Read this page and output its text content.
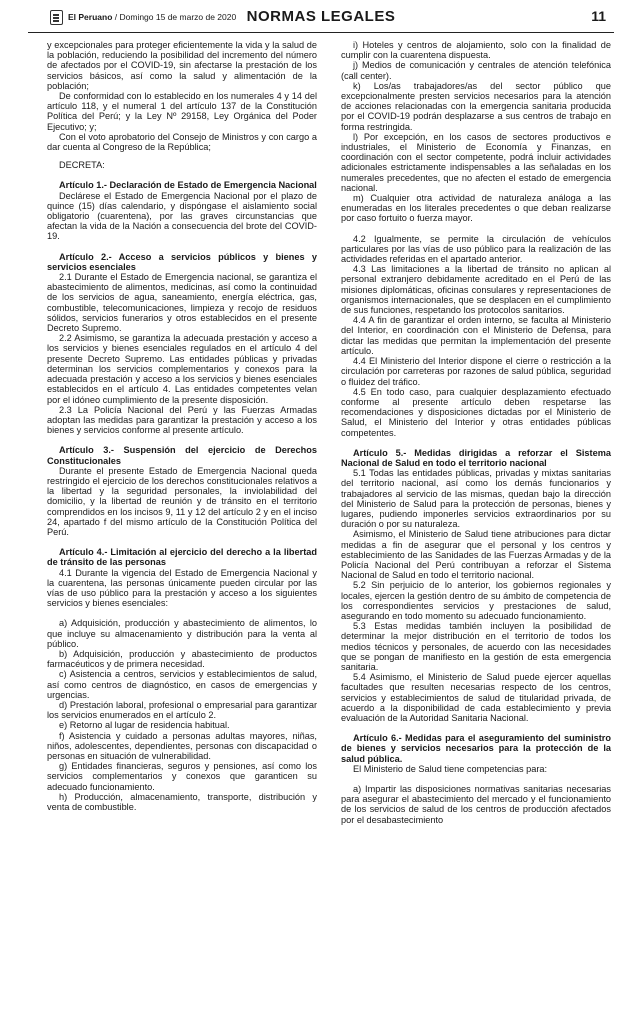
El Peruano / Domingo 15 de marzo de 2020 NORMAS LEGALES	11

y excepcionales para proteger eficientemente la vida y la salud de la población, reduciendo la posibilidad del incremento del número de afectados por el COVID-19, sin afectarse la prestación de los servicios básicos, así como la salud y alimentación de la población;

De conformidad con lo establecido en los numerales 4 y 14 del artículo 118, y el numeral 1 del artículo 137 de la Constitución Política del Perú; y la Ley Nº 29158, Ley Orgánica del Poder Ejecutivo; y;

Con el voto aprobatorio del Consejo de Ministros y con cargo a dar cuenta al Congreso de la República;

DECRETA:

Artículo 1.- Declaración de Estado de Emergencia Nacional

Declárese el Estado de Emergencia Nacional por el plazo de quince (15) días calendario, y dispóngase el aislamiento social obligatorio (cuarentena), por las graves circunstancias que afectan la vida de la Nación a consecuencia del brote del COVID-19.

Artículo 2.- Acceso a servicios públicos y bienes y servicios esenciales

2.1 Durante el Estado de Emergencia nacional, se garantiza el abastecimiento de alimentos, medicinas, así como la continuidad de los servicios de agua, saneamiento, energía eléctrica, gas, combustible, telecomunicaciones, limpieza y recojo de residuos sólidos, servicios funerarios y otros establecidos en el presente Decreto Supremo.

2.2 Asimismo, se garantiza la adecuada prestación y acceso a los servicios y bienes esenciales regulados en el artículo 4 del presente Decreto Supremo. Las entidades públicas y privadas determinan los servicios complementarios y conexos para la adecuada prestación y acceso a los servicios y bienes esenciales establecidos en el artículo 4. Las entidades competentes velan por el idóneo cumplimiento de la presente disposición.

2.3 La Policía Nacional del Perú y las Fuerzas Armadas adoptan las medidas para garantizar la prestación y acceso a los bienes y servicios conforme al presente artículo.

Artículo 3.- Suspensión del ejercicio de Derechos Constitucionales

Durante el presente Estado de Emergencia Nacional queda restringido el ejercicio de los derechos constitucionales relativos a la libertad y la seguridad personales, la inviolabilidad del domicilio, y la libertad de reunión y de tránsito en el territorio comprendidos en los incisos 9, 11 y 12 del artículo 2 y en el inciso 24, apartado f del mismo artículo de la Constitución Política del Perú.

Artículo 4.- Limitación al ejercicio del derecho a la libertad de tránsito de las personas

4.1 Durante la vigencia del Estado de Emergencia Nacional y la cuarentena, las personas únicamente pueden circular por las vías de uso público para la prestación y acceso a los siguientes servicios y bienes esenciales:

a) Adquisición, producción y abastecimiento de alimentos, lo que incluye su almacenamiento y distribución para la venta al público.

b) Adquisición, producción y abastecimiento de productos farmacéuticos y de primera necesidad.

c) Asistencia a centros, servicios y establecimientos de salud, así como centros de diagnóstico, en casos de emergencias y urgencias.

d) Prestación laboral, profesional o empresarial para garantizar los servicios enumerados en el artículo 2.

e) Retorno al lugar de residencia habitual.

f) Asistencia y cuidado a personas adultas mayores, niñas, niños, adolescentes, dependientes, personas con discapacidad o personas en situación de vulnerabilidad.

g) Entidades financieras, seguros y pensiones, así como los servicios complementarios y conexos que garanticen su adecuado funcionamiento.

h) Producción, almacenamiento, transporte, distribución y venta de combustible.

i) Hoteles y centros de alojamiento, solo con la finalidad de cumplir con la cuarentena dispuesta.

j) Medios de comunicación y centrales de atención telefónica (call center).

k) Los/as trabajadores/as del sector público que excepcionalmente presten servicios necesarios para la atención de acciones relacionadas con la emergencia sanitaria producida por el COVID-19 podrán desplazarse a sus centros de trabajo en forma restringida.

l) Por excepción, en los casos de sectores productivos e industriales, el Ministerio de Economía y Finanzas, en coordinación con el sector competente, podrá incluir actividades adicionales estrictamente indispensables a las señaladas en los numerales precedentes, que no afecten el estado de emergencia nacional.

m) Cualquier otra actividad de naturaleza análoga a las enumeradas en los literales precedentes o que deban realizarse por caso fortuito o fuerza mayor.

4.2 Igualmente, se permite la circulación de vehículos particulares por las vías de uso público para la realización de las actividades referidas en el apartado anterior.

4.3 Las limitaciones a la libertad de tránsito no aplican al personal extranjero debidamente acreditado en el Perú de las misiones diplomáticas, oficinas consulares y representaciones de organismos internacionales, que se desplacen en el cumplimiento de sus funciones, respetando los protocolos sanitarios.

4.4 A fin de garantizar el orden interno, se faculta al Ministerio del Interior, en coordinación con el Ministerio de Defensa, para dictar las medidas que permitan la implementación del presente artículo.

4.4 El Ministerio del Interior dispone el cierre o restricción a la circulación por carreteras por razones de salud pública, seguridad o fluidez del tráfico.

4.5 En todo caso, para cualquier desplazamiento efectuado conforme al presente artículo deben respetarse las recomendaciones y disposiciones dictadas por el Ministerio de Salud, el Ministerio del Interior y otras entidades públicas competentes.

Artículo 5.- Medidas dirigidas a reforzar el Sistema Nacional de Salud en todo el territorio nacional

5.1 Todas las entidades públicas, privadas y mixtas sanitarias del territorio nacional, así como los demás funcionarios y trabajadores al servicio de las mismas, quedan bajo la dirección del Ministerio de Salud para la protección de personas, bienes y lugares, pudiendo imponerles servicios extraordinarios por su duración o por su naturaleza.

Asimismo, el Ministerio de Salud tiene atribuciones para dictar medidas a fin de asegurar que el personal y los centros y establecimiento de las Sanidades de las Fuerzas Armadas y de la Policía Nacional del Perú contribuyan a reforzar el Sistema Nacional de Salud en todo el territorio nacional.

5.2 Sin perjuicio de lo anterior, los gobiernos regionales y locales, ejercen la gestión dentro de su ámbito de competencia de los correspondientes servicios y prestaciones de salud, asegurando en todo momento su adecuado funcionamiento.

5.3 Estas medidas también incluyen la posibilidad de determinar la mejor distribución en el territorio de todos los medios técnicos y personales, de acuerdo con las necesidades que se pongan de manifiesto en la gestión de esta emergencia sanitaria.

5.4 Asimismo, el Ministerio de Salud puede ejercer aquellas facultades que resulten necesarias respecto de los centros, servicios y establecimientos de salud de titularidad privada, de acuerdo a la disponibilidad de cada establecimiento y previa evaluación de la Autoridad Sanitaria Nacional.

Artículo 6.- Medidas para el aseguramiento del suministro de bienes y servicios necesarios para la protección de la salud pública.

El Ministerio de Salud tiene competencias para:

a) Impartir las disposiciones normativas sanitarias necesarias para asegurar el abastecimiento del mercado y el funcionamiento de los servicios de salud de los centros de producción afectados por el desabastecimiento
